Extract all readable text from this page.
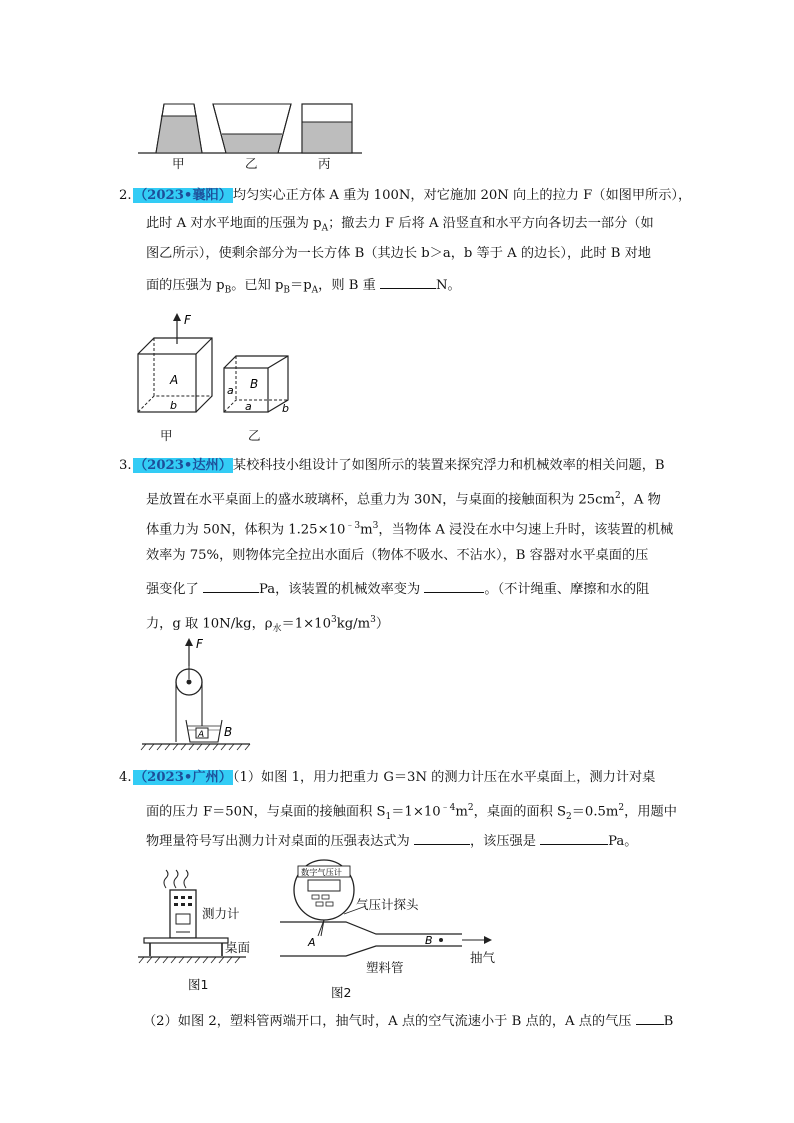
甲	乙	丙
2. （2023•襄阳）均匀实心正方体 A 重为 100N，对它施加 20N 向上的拉力 F（如图甲所示），
此时 A 对水平地面的压强为 $p_A$；撤去力 F 后将 A 沿竖直和水平方向各切去一部分（如
图乙所示），使剩余部分为一长方体 B（其边长 b＞a，b 等于 A 的边长），此时 B 对地
面的压强为 $p_B$。已知 $p_B=p_A$，则 B 重	N。
F
A
b
B
a
a	b
甲	乙
3. （2023•达州）某校科技小组设计了如图所示的装置来探究浮力和机械效率的相关问题，B
是放置在水平桌面上的盛水玻璃杯，总重力为 30N，与桌面的接触面积为 $25cm^2$，A 物
体重力为 50N，体积为 $1.25\times 10^{﹣3}m^3$，当物体 A 浸没在水中匀速上升时，该装置的机械
效率为 75%，则物体完全拉出水面后（物体不吸水、不沾水），B 容器对水平桌面的压
强变化了	Pa，该装置的机械效率变为	。（不计绳重、摩擦和水的阻
力，g 取 10N/kg，$\rho_水=1\times 10^3kg/m^3$）
F
A B
4. （2023•广州）（1）如图 1，用力把重力 G＝3N 的测力计压在水平桌面上，测力计对桌
面的压力 F＝50N，与桌面的接触面积 $S_1=1\times 10^{﹣4}m^2$，桌面的面积 $S_2=0.5m^2$，用题中
物理量符号写出测力计对桌面的压强表达式为	，该压强是	Pa。
测力计
桌面
图1
数字气压计
A	B
气压计探头
塑料管
抽气
图2
（2）如图 2，塑料管两端开口，抽气时，A 点的空气流速小于 B 点的，A 点的气压 B
